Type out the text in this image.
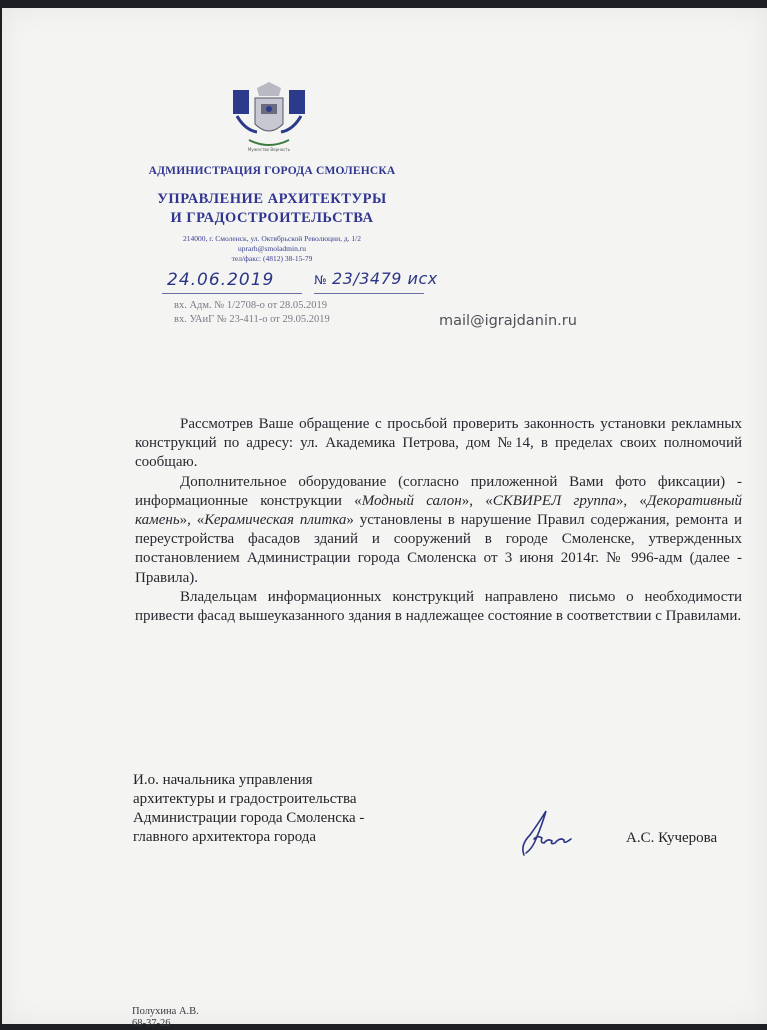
Мужество Верность
АДМИНИСТРАЦИЯ ГОРОДА СМОЛЕНСКА
УПРАВЛЕНИЕ АРХИТЕКТУРЫ
И ГРАДОСТРОИТЕЛЬСТВА
214000, г. Смоленск, ул. Октябрьской Революции, д. 1/2
uprarh@smoladmin.ru
тел/факс: (4812) 38-15-79
24.06.2019	№ 23/3479 исх
вх. Адм. № 1/2708-о от 28.05.2019
вх. УАиГ № 23-411-о от 29.05.2019	mail@igrajdanin.ru

Рассмотрев Ваше обращение с просьбой проверить законность установки рекламных конструкций по адресу: ул. Академика Петрова, дом №14, в пределах своих полномочий сообщаю.

Дополнительное оборудование (согласно приложенной Вами фото фиксации) - информационные конструкции «Модный салон», «СКВИРЕЛ группа», «Декоративный камень», «Керамическая плитка» установлены в нарушение Правил содержания, ремонта и переустройства фасадов зданий и сооружений в городе Смоленске, утвержденных постановлением Администрации города Смоленска от 3 июня 2014г. № 996-адм (далее - Правила).

Владельцам информационных конструкций направлено письмо о необходимости привести фасад вышеуказанного здания в надлежащее состояние в соответствии с Правилами.

И.о. начальника управления
архитектуры и градостроительства
Администрации города Смоленска -
главного архитектора города	А.С. Кучерова
Полухина А.В.
68-37-26
